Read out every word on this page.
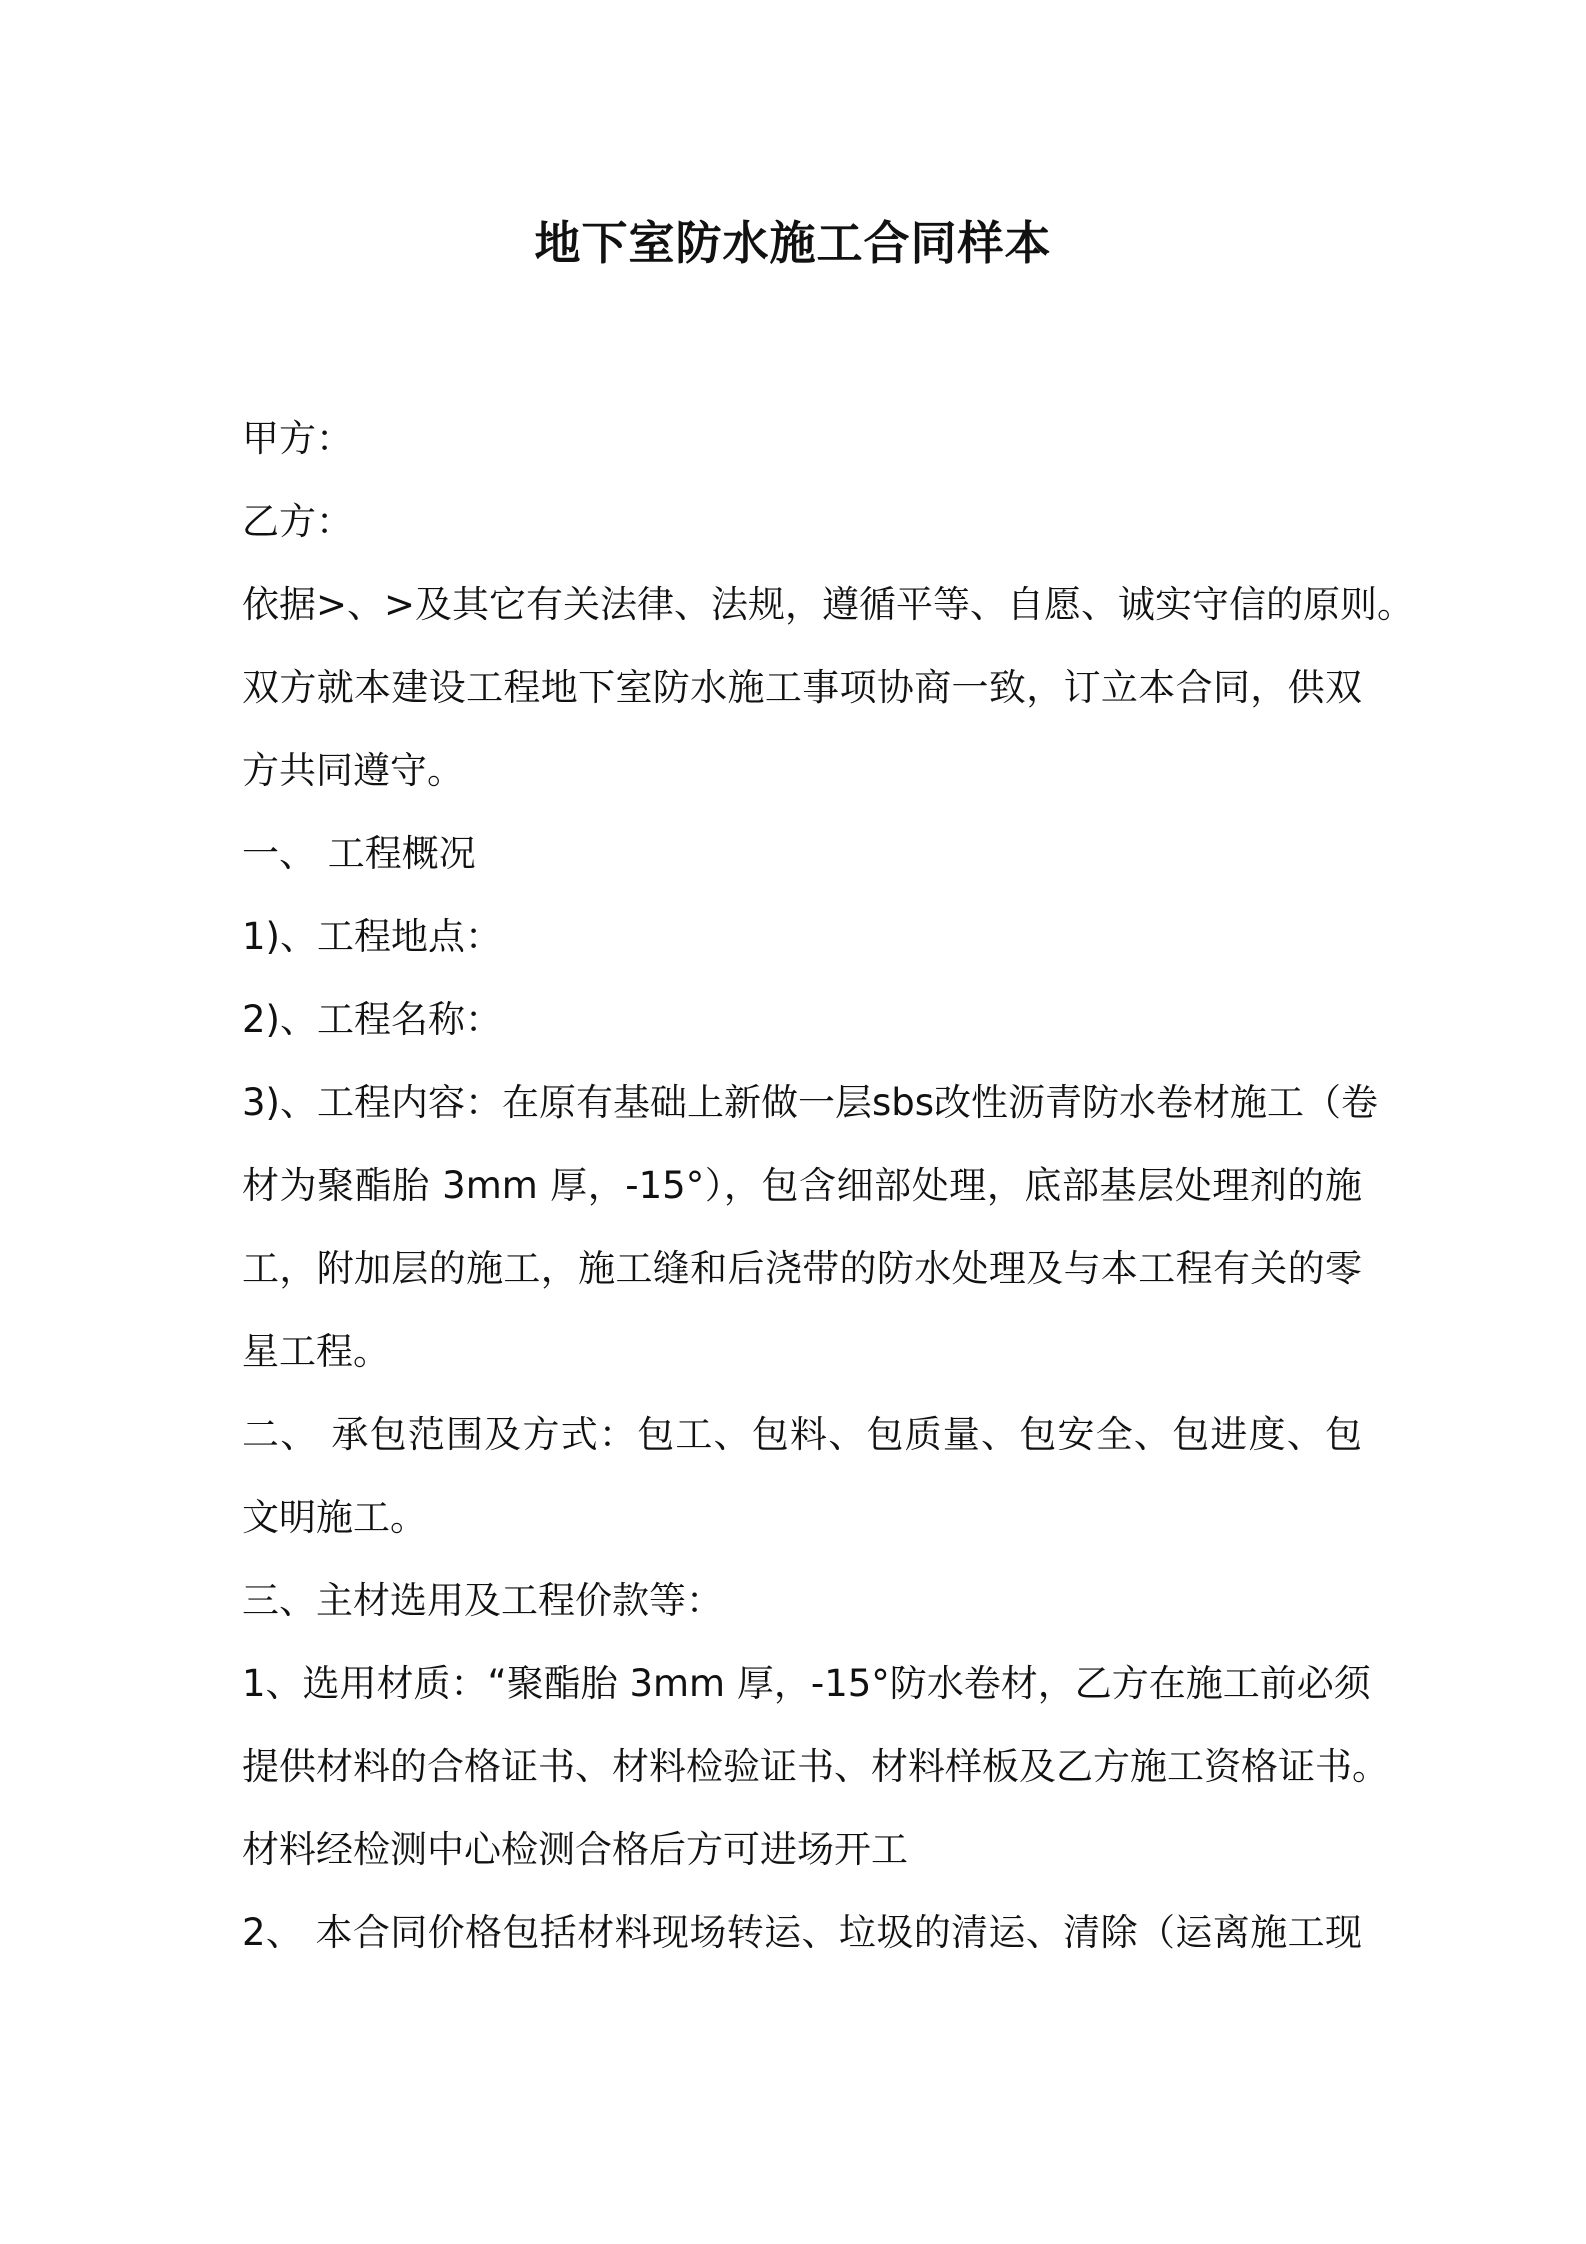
地下室防水施工合同样本

甲方：

乙方：

依据>、>及其它有关法律、法规，遵循平等、自愿、诚实守信的原则。

双方就本建设工程地下室防水施工事项协商一致，订立本合同，供双

方共同遵守。

一、 工程概况

1)、工程地点：

2)、工程名称：

3)、工程内容：在原有基础上新做一层sbs改性沥青防水卷材施工（卷

材为聚酯胎 3mm 厚，-15°），包含细部处理，底部基层处理剂的施

工，附加层的施工，施工缝和后浇带的防水处理及与本工程有关的零

星工程。

二、 承包范围及方式：包工、包料、包质量、包安全、包进度、包

文明施工。

三、主材选用及工程价款等：

1、选用材质：“聚酯胎 3mm 厚，-15°防水卷材，乙方在施工前必须

提供材料的合格证书、材料检验证书、材料样板及乙方施工资格证书。

材料经检测中心检测合格后方可进场开工

2、 本合同价格包括材料现场转运、垃圾的清运、清除（运离施工现
